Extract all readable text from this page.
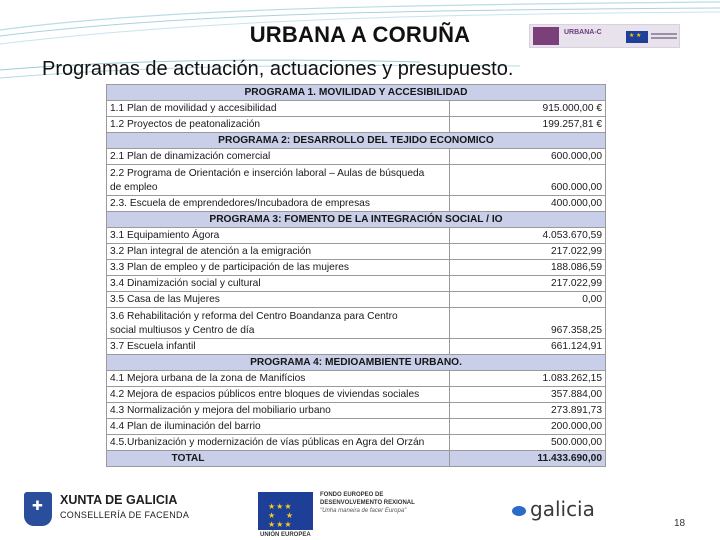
URBANA A CORUÑA
Programas de actuación, actuaciones y presupuesto.
URBANA-C
★ ★
PROGRAMA 1. MOVILIDAD Y ACCESIBILIDAD	
1.1 Plan de movilidad y accesibilidad	915.000,00 €
1.2 Proyectos de peatonalización	199.257,81 €
PROGRAMA 2: DESARROLLO DEL TEJIDO ECONOMICO	
2.1 Plan de dinamización comercial	600.000,00

2.2 Programa de Orientación e inserción laboral – Aulas de búsqueda
de empleo	600.000,00
2.3. Escuela de emprendedores/Incubadora de empresas	400.000,00
PROGRAMA 3: FOMENTO DE LA INTEGRACIÓN SOCIAL / IO	
3.1 Equipamiento Ágora	4.053.670,59
3.2 Plan integral de atención a la emigración	217.022,99
3.3 Plan de empleo y de participación de las mujeres	188.086,59
3.4 Dinamización social y cultural	217.022,99
3.5 Casa de las Mujeres	0,00

3.6 Rehabilitación y reforma del Centro Boandanza para Centro
social multiusos y Centro de día	967.358,25
3.7 Escuela infantil	661.124,91
PROGRAMA 4: MEDIOAMBIENTE URBANO.	
4.1 Mejora urbana de la zona de Manifícios	1.083.262,15
4.2 Mejora de espacios públicos entre bloques de viviendas sociales	357.884,00
4.3 Normalización y mejora del mobiliario urbano	273.891,73
4.4 Plan de iluminación del barrio	200.000,00
4.5.Urbanización y modernización de vías públicas en Agra del Orzán	500.000,00
TOTAL	11.433.690,00
✚
XUNTA DE GALICIA
CONSELLERÍA DE FACENDA
★★★
★   ★
★★★
UNIÓN EUROPEA
FONDO EUROPEO DE
DESENVOLVEMENTO REXIONAL
"Unha maneira de facer Europa"	galicia
18
